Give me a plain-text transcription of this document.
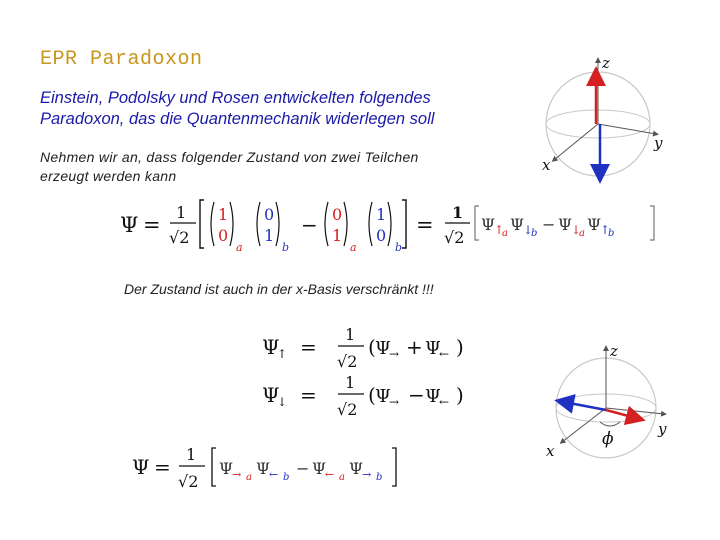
EPR Paradoxon
Einstein, Podolsky und Rosen entwickelten folgendes
Paradoxon, das die Quantenmechanik widerlegen soll
Nehmen wir an, dass folgender Zustand von zwei Teilchen
erzeugt werden kann
Der Zustand ist auch in der x-Basis verschränkt !!!
Ψ =
1
√2
1
0
a
0
1
b
− 0
1
a
1
0
b
=
1
√2
Ψ
↑
a Ψ
↓
b − Ψ
↓
a Ψ
↑
b
Ψ
↑ =
1
√2
( Ψ
→ + Ψ
← )
Ψ
↓ =
1
√2
( Ψ
→ − Ψ
← )
Ψ =
1
√2
Ψ
→ a Ψ
← b − Ψ
← a Ψ
→ b
z
y
x
z
y
x
ϕ
